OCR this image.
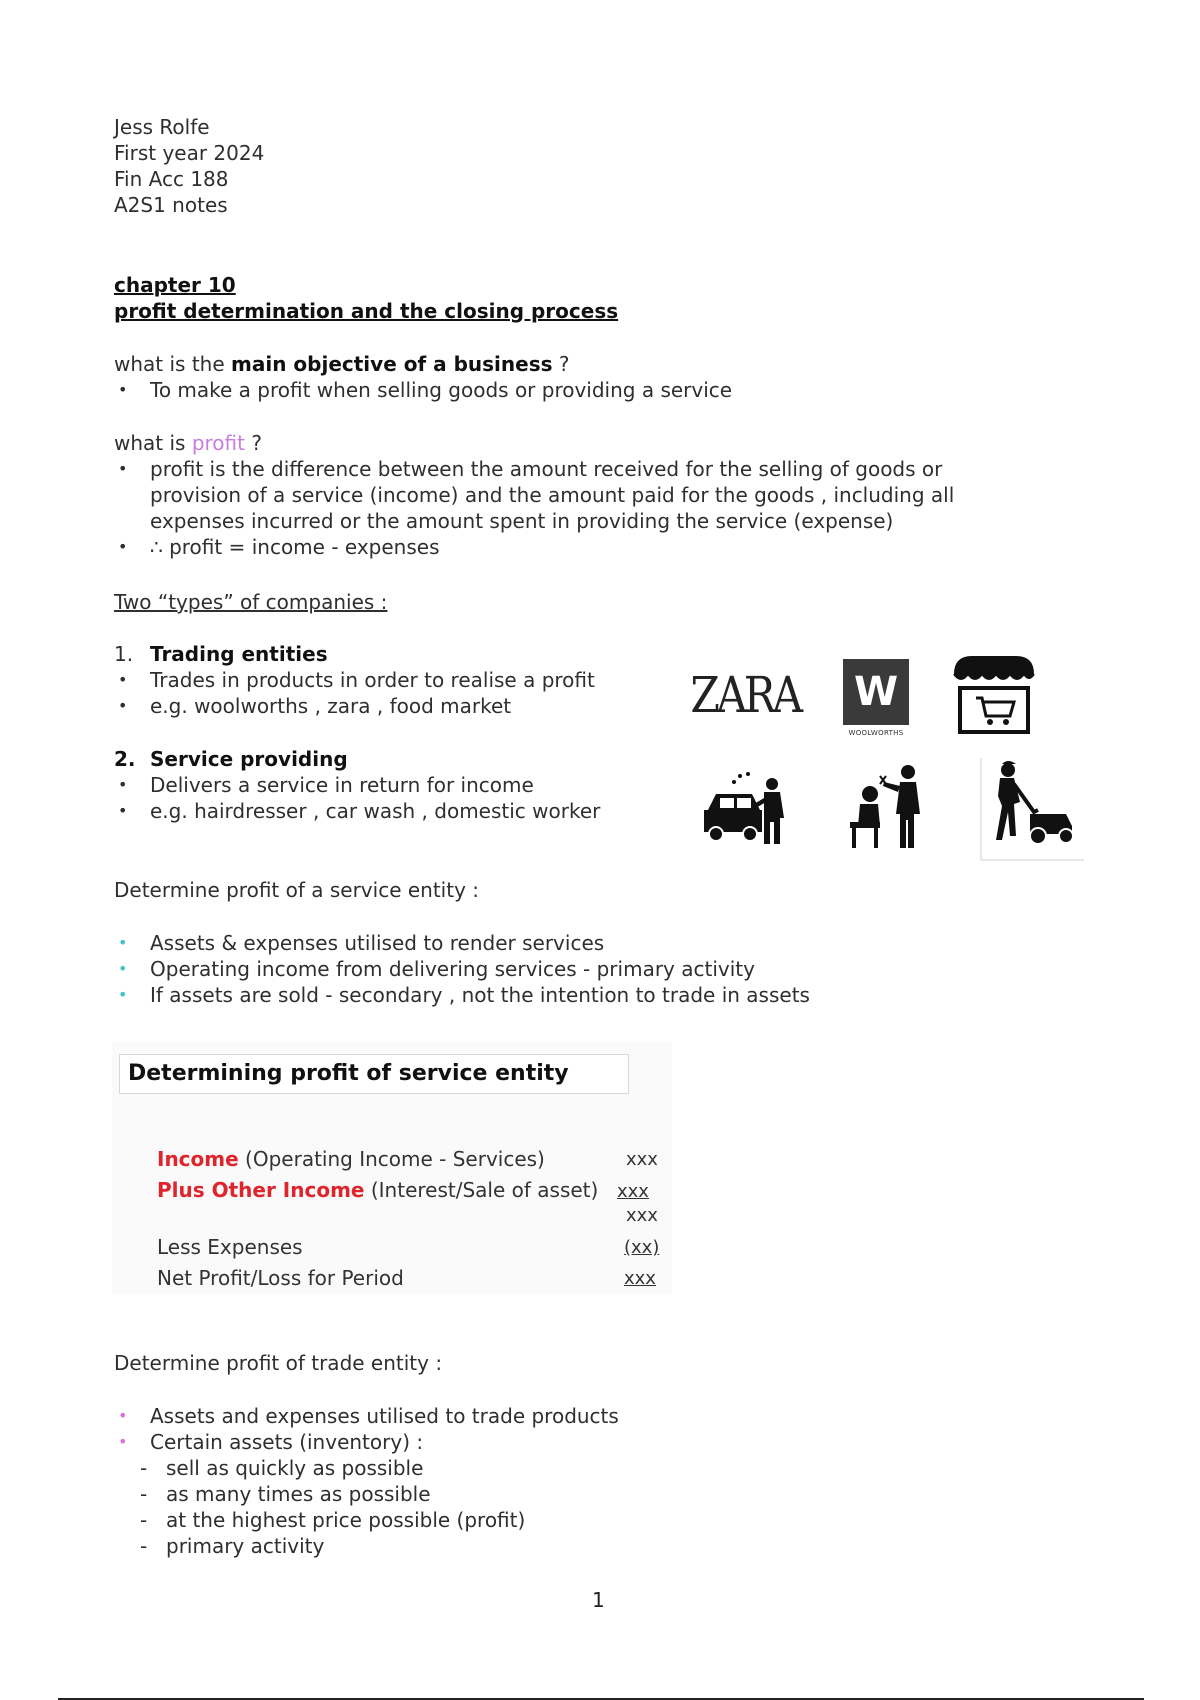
Jess Rolfe
First year 2024
Fin Acc 188
A2S1 notes
chapter 10
profit determination and the closing process
what is the main objective of a business ?
• To make a profit when selling goods or providing a service
what is profit ?
• profit is the difference between the amount received for the selling of goods or
provision of a service (income) and the amount paid for the goods , including all
expenses incurred or the amount spent in providing the service (expense)
• ∴ profit = income - expenses
Two “types” of companies :
1. Trading entities
• Trades in products in order to realise a profit
• e.g. woolworths , zara , food market
2. Service providing
• Delivers a service in return for income
• e.g. hairdresser , car wash , domestic worker
ZARA W
WOOLWORTHS
Determine profit of a service entity :
• Assets & expenses utilised to render services
• Operating income from delivering services - primary activity
• If assets are sold - secondary , not the intention to trade in assets
Determining profit of service entity
Income (Operating Income - Services)	xxx
Plus Other Income (Interest/Sale of asset) xxx
xxx
Less Expenses	(xx)
Net Profit/Loss for Period	xxx
Determine profit of trade entity :
• Assets and expenses utilised to trade products
• Certain assets (inventory) :
- sell as quickly as possible
- as many times as possible
- at the highest price possible (profit)
- primary activity
1
